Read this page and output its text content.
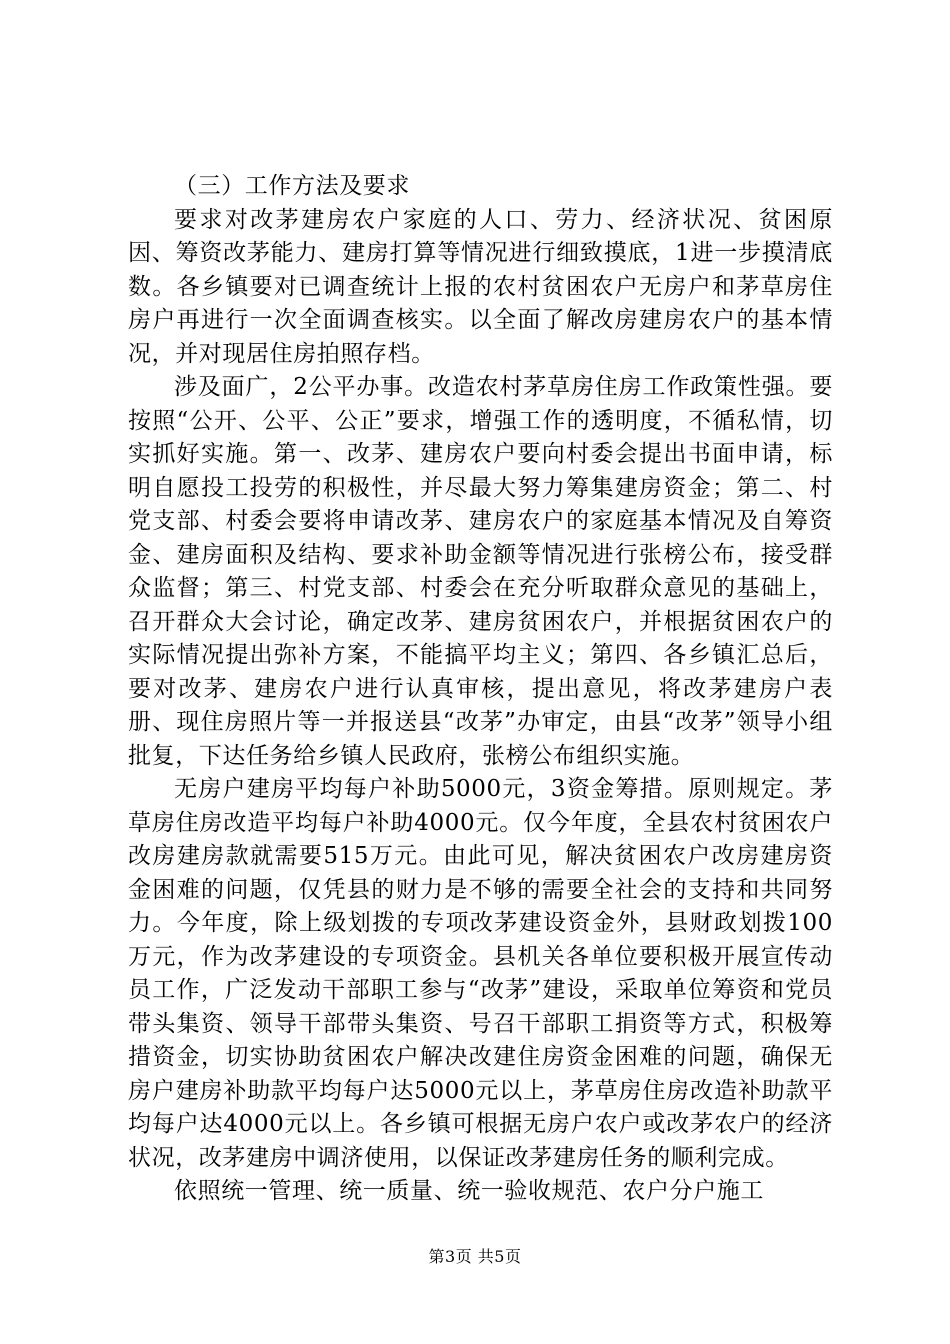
（三）工作方法及要求

要求对改茅建房农户家庭的人口、劳力、经济状况、贫困原因、筹资改茅能力、建房打算等情况进行细致摸底，1进一步摸清底数。各乡镇要对已调查统计上报的农村贫困农户无房户和茅草房住房户再进行一次全面调查核实。以全面了解改房建房农户的基本情况，并对现居住房拍照存档。

涉及面广，2公平办事。改造农村茅草房住房工作政策性强。要按照“公开、公平、公正”要求，增强工作的透明度，不循私情，切实抓好实施。第一、改茅、建房农户要向村委会提出书面申请，标明自愿投工投劳的积极性，并尽最大努力筹集建房资金；第二、村党支部、村委会要将申请改茅、建房农户的家庭基本情况及自筹资金、建房面积及结构、要求补助金额等情况进行张榜公布，接受群众监督；第三、村党支部、村委会在充分听取群众意见的基础上，召开群众大会讨论，确定改茅、建房贫困农户，并根据贫困农户的实际情况提出弥补方案，不能搞平均主义；第四、各乡镇汇总后，要对改茅、建房农户进行认真审核，提出意见，将改茅建房户表册、现住房照片等一并报送县“改茅”办审定，由县“改茅”领导小组批复，下达任务给乡镇人民政府，张榜公布组织实施。

无房户建房平均每户补助5000元，3资金筹措。原则规定。茅草房住房改造平均每户补助4000元。仅今年度，全县农村贫困农户改房建房款就需要515万元。由此可见，解决贫困农户改房建房资金困难的问题，仅凭县的财力是不够的需要全社会的支持和共同努力。今年度，除上级划拨的专项改茅建设资金外，县财政划拨100万元，作为改茅建设的专项资金。县机关各单位要积极开展宣传动员工作，广泛发动干部职工参与“改茅”建设，采取单位筹资和党员带头集资、领导干部带头集资、号召干部职工捐资等方式，积极筹措资金，切实协助贫困农户解决改建住房资金困难的问题，确保无房户建房补助款平均每户达5000元以上，茅草房住房改造补助款平均每户达4000元以上。各乡镇可根据无房户农户或改茅农户的经济状况，改茅建房中调济使用，以保证改茅建房任务的顺利完成。

依照统一管理、统一质量、统一验收规范、农户分户施工

第3页 共5页
